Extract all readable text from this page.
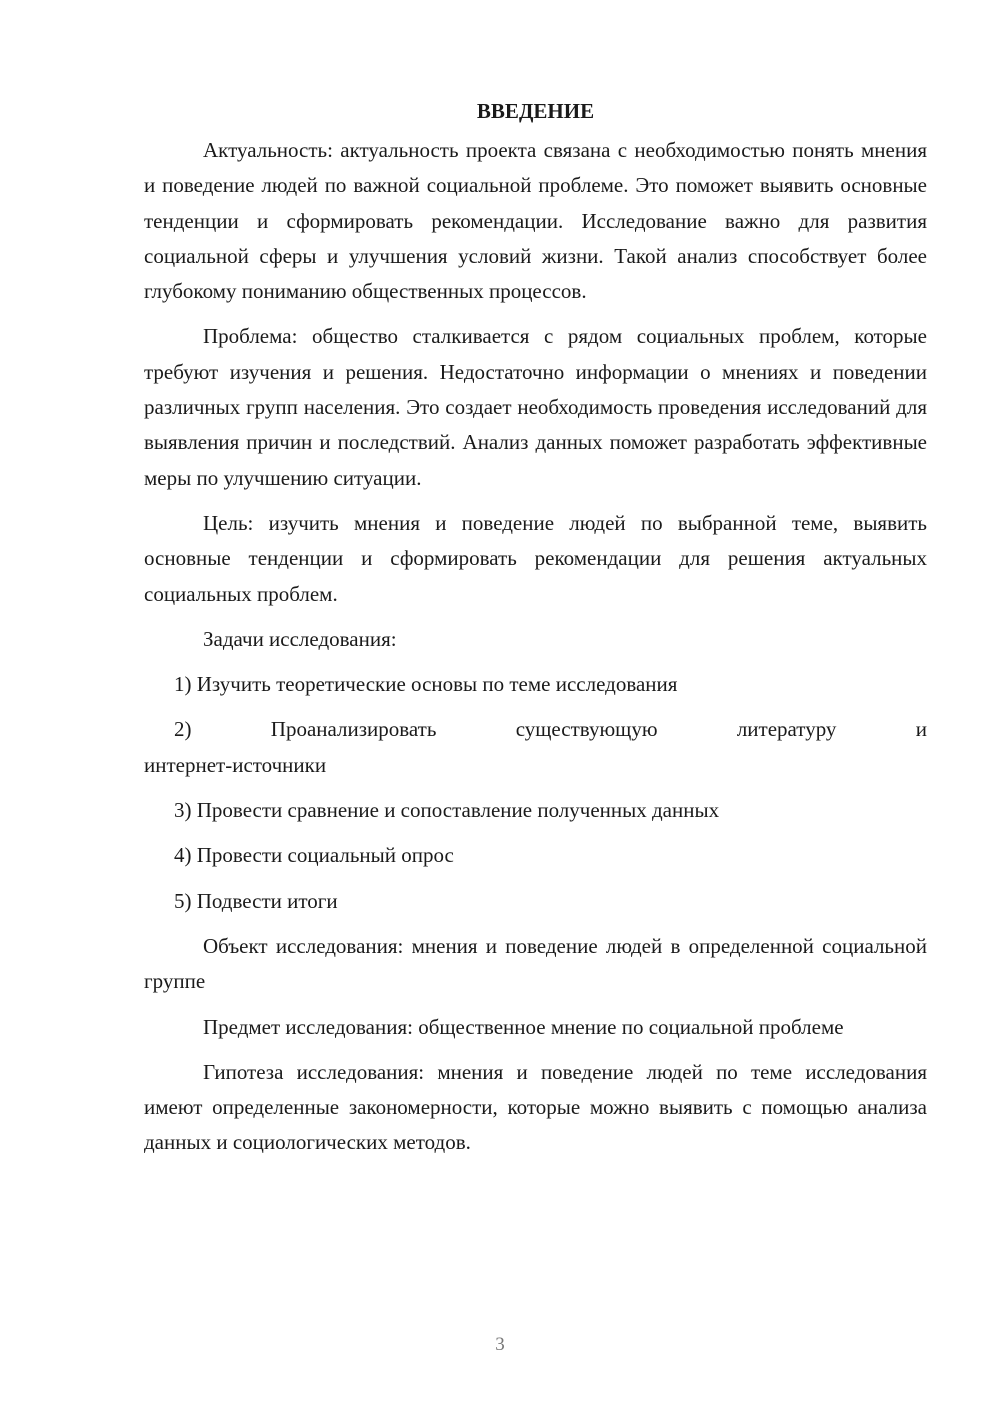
ВВЕДЕНИЕ

Актуальность: актуальность проекта связана с необходимостью понять мнения и поведение людей по важной социальной проблеме. Это поможет выявить основные тенденции и сформировать рекомендации. Исследование важно для развития социальной сферы и улучшения условий жизни. Такой анализ способствует более глубокому пониманию общественных процессов.

Проблема: общество сталкивается с рядом социальных проблем, которые требуют изучения и решения. Недостаточно информации о мнениях и поведении различных групп населения. Это создает необходимость проведения исследований для выявления причин и последствий. Анализ данных поможет разработать эффективные меры по улучшению ситуации.

Цель: изучить мнения и поведение людей по выбранной теме, выявить основные тенденции и сформировать рекомендации для решения актуальных социальных проблем.

Задачи исследования:

1) Изучить теоретические основы по теме исследования

2)	Проанализировать	существующую	литературу	и
интернет-источники

3) Провести сравнение и сопоставление полученных данных

4) Провести социальный опрос

5) Подвести итоги

Объект исследования: мнения и поведение людей в определенной социальной группе

Предмет исследования: общественное мнение по социальной проблеме

Гипотеза исследования: мнения и поведение людей по теме исследования имеют определенные закономерности, которые можно выявить с помощью анализа данных и социологических методов.

3
